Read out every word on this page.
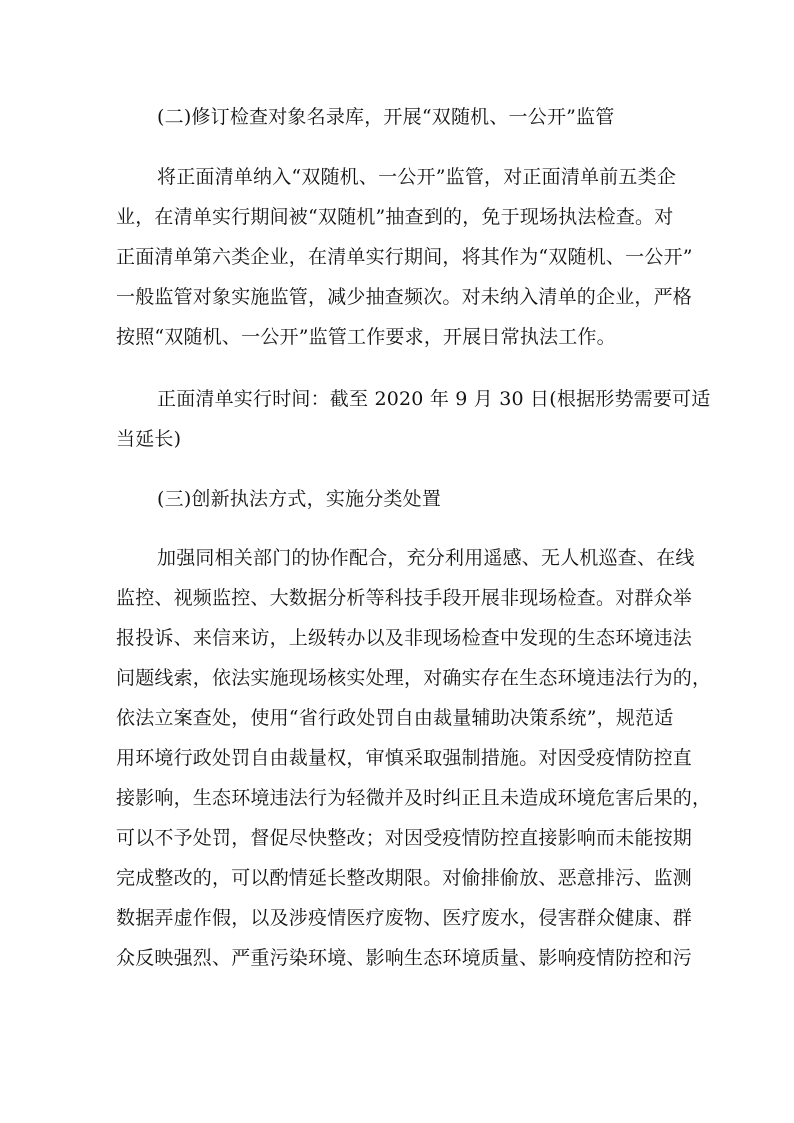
(二)修订检查对象名录库，开展“双随机、一公开”监管
将正面清单纳入“双随机、一公开”监管，对正面清单前五类企
业，在清单实行期间被“双随机”抽查到的，免于现场执法检查。对
正面清单第六类企业，在清单实行期间，将其作为“双随机、一公开”
一般监管对象实施监管，减少抽查频次。对未纳入清单的企业，严格
按照“双随机、一公开”监管工作要求，开展日常执法工作。
正面清单实行时间：截至 2020 年 9 月 30 日(根据形势需要可适
当延长)
(三)创新执法方式，实施分类处置
加强同相关部门的协作配合，充分利用遥感、无人机巡查、在线
监控、视频监控、大数据分析等科技手段开展非现场检查。对群众举
报投诉、来信来访，上级转办以及非现场检查中发现的生态环境违法
问题线索，依法实施现场核实处理，对确实存在生态环境违法行为的，
依法立案查处，使用“省行政处罚自由裁量辅助决策系统”，规范适
用环境行政处罚自由裁量权，审慎采取强制措施。对因受疫情防控直
接影响，生态环境违法行为轻微并及时纠正且未造成环境危害后果的，
可以不予处罚，督促尽快整改；对因受疫情防控直接影响而未能按期
完成整改的，可以酌情延长整改期限。对偷排偷放、恶意排污、监测
数据弄虚作假，以及涉疫情医疗废物、医疗废水，侵害群众健康、群
众反映强烈、严重污染环境、影响生态环境质量、影响疫情防控和污
